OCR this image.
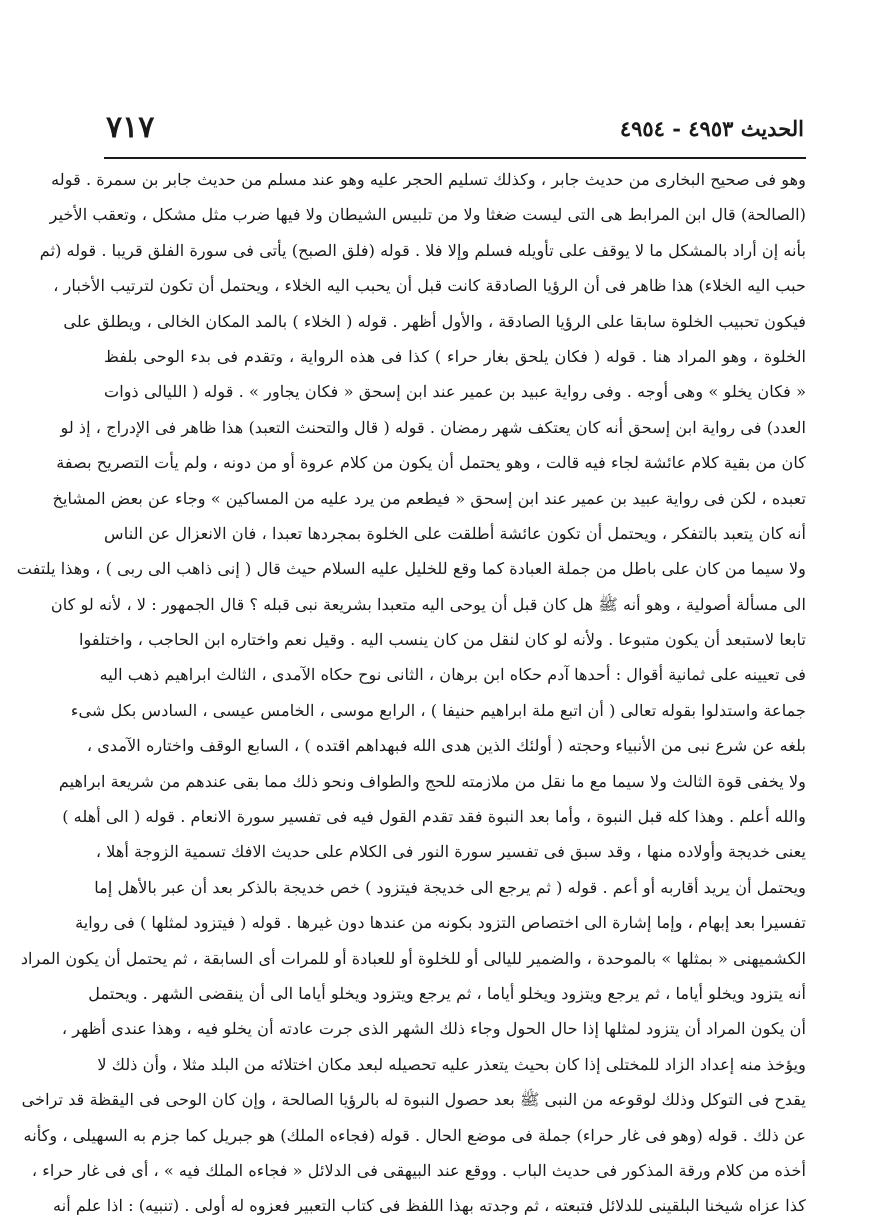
الحديث ٤٩٥٣ - ٤٩٥٤
٧١٧
وهو فى صحيح البخارى من حديث جابر ، وكذلك تسليم الحجر عليه وهو عند مسلم من حديث جابر بن سمرة . قوله
(الصالحة) قال ابن المرابط هى التى ليست ضغثا ولا من تلبيس الشيطان ولا فيها ضرب مثل مشكل ، وتعقب الأخير
بأنه إن أراد بالمشكل ما لا يوقف على تأويله فسلم وإلا فلا . قوله (فلق الصبح) يأتى فى سورة الفلق قريبا . قوله (ثم
حبب اليه الخلاء) هذا ظاهر فى أن الرؤيا الصادقة كانت قبل أن يحبب اليه الخلاء ، ويحتمل أن تكون لترتيب الأخبار ،
فيكون تحبيب الخلوة سابقا على الرؤيا الصادقة ، والأول أظهر . قوله ( الخلاء ) بالمد المكان الخالى ، ويطلق على
الخلوة ، وهو المراد هنا . قوله ( فكان يلحق بغار حراء ) كذا فى هذه الرواية ، وتقدم فى بدء الوحى بلفظ
« فكان يخلو » وهى أوجه . وفى رواية عبيد بن عمير عند ابن إسحق « فكان يجاور » . قوله ( الليالى ذوات
العدد) فى رواية ابن إسحق أنه كان يعتكف شهر رمضان . قوله ( قال والتحنث التعبد) هذا ظاهر فى الإدراج ، إذ لو
كان من بقية كلام عائشة لجاء فيه قالت ، وهو يحتمل أن يكون من كلام عروة أو من دونه ، ولم يأت التصريح بصفة
تعبده ، لكن فى رواية عبيد بن عمير عند ابن إسحق « فيطعم من يرد عليه من المساكين » وجاء عن بعض المشايخ
أنه كان يتعبد بالتفكر ، ويحتمل أن تكون عائشة أطلقت على الخلوة بمجردها تعبدا ، فان الانعزال عن الناس
ولا سيما من كان على باطل من جملة العبادة كما وقع للخليل عليه السلام حيث قال ( إنى ذاهب الى ربى ) ، وهذا يلتفت
الى مسألة أصولية ، وهو أنه ﷺ هل كان قبل أن يوحى اليه متعبدا بشريعة نبى قبله ؟ قال الجمهور : لا ، لأنه لو كان
تابعا لاستبعد أن يكون متبوعا . ولأنه لو كان لنقل من كان ينسب اليه . وقيل نعم واختاره ابن الحاجب ، واختلفوا
فى تعيينه على ثمانية أقوال : أحدها آدم حكاه ابن برهان ، الثانى نوح حكاه الآمدى ، الثالث ابراهيم ذهب اليه
جماعة واستدلوا بقوله تعالى ( أن اتبع ملة ابراهيم حنيفا ) ، الرابع موسى ، الخامس عيسى ، السادس بكل شىء
بلغه عن شرع نبى من الأنبياء وحجته ( أولئك الذين هدى الله فبهداهم اقتده ) ، السابع الوقف واختاره الآمدى ،
ولا يخفى قوة الثالث ولا سيما مع ما نقل من ملازمته للحج والطواف ونحو ذلك مما بقى عندهم من شريعة ابراهيم
والله أعلم . وهذا كله قبل النبوة ، وأما بعد النبوة فقد تقدم القول فيه فى تفسير سورة الانعام . قوله ( الى أهله )
يعنى خديجة وأولاده منها ، وقد سبق فى تفسير سورة النور فى الكلام على حديث الافك تسمية الزوجة أهلا ،
ويحتمل أن يريد أقاربه أو أعم . قوله ( ثم يرجع الى خديجة فيتزود ) خص خديجة بالذكر بعد أن عبر بالأهل إما
تفسيرا بعد إبهام ، وإما إشارة الى اختصاص التزود بكونه من عندها دون غيرها . قوله ( فيتزود لمثلها ) فى رواية
الكشميهنى « بمثلها » بالموحدة ، والضمير لليالى أو للخلوة أو للعبادة أو للمرات أى السابقة ، ثم يحتمل أن يكون المراد
أنه يتزود ويخلو أياما ، ثم يرجع ويتزود ويخلو أياما ، ثم يرجع ويتزود ويخلو أياما الى أن ينقضى الشهر . ويحتمل
أن يكون المراد أن يتزود لمثلها إذا حال الحول وجاء ذلك الشهر الذى جرت عادته أن يخلو فيه ، وهذا عندى أظهر ،
ويؤخذ منه إعداد الزاد للمختلى إذا كان بحيث يتعذر عليه تحصيله لبعد مكان اختلائه من البلد مثلا ، وأن ذلك لا
يقدح فى التوكل وذلك لوقوعه من النبى ﷺ بعد حصول النبوة له بالرؤيا الصالحة ، وإن كان الوحى فى اليقظة قد تراخى
عن ذلك . قوله (وهو فى غار حراء) جملة فى موضع الحال . قوله (فجاءه الملك) هو جبريل كما جزم به السهيلى ، وكأنه
أخذه من كلام ورقة المذكور فى حديث الباب . ووقع عند البيهقى فى الدلائل « فجاءه الملك فيه » ، أى فى غار حراء ،
كذا عزاه شيخنا البلقينى للدلائل فتبعته ، ثم وجدته بهذا اللفظ فى كتاب التعبير فعزوه له أولى . (تنبيه) : اذا علم أنه
